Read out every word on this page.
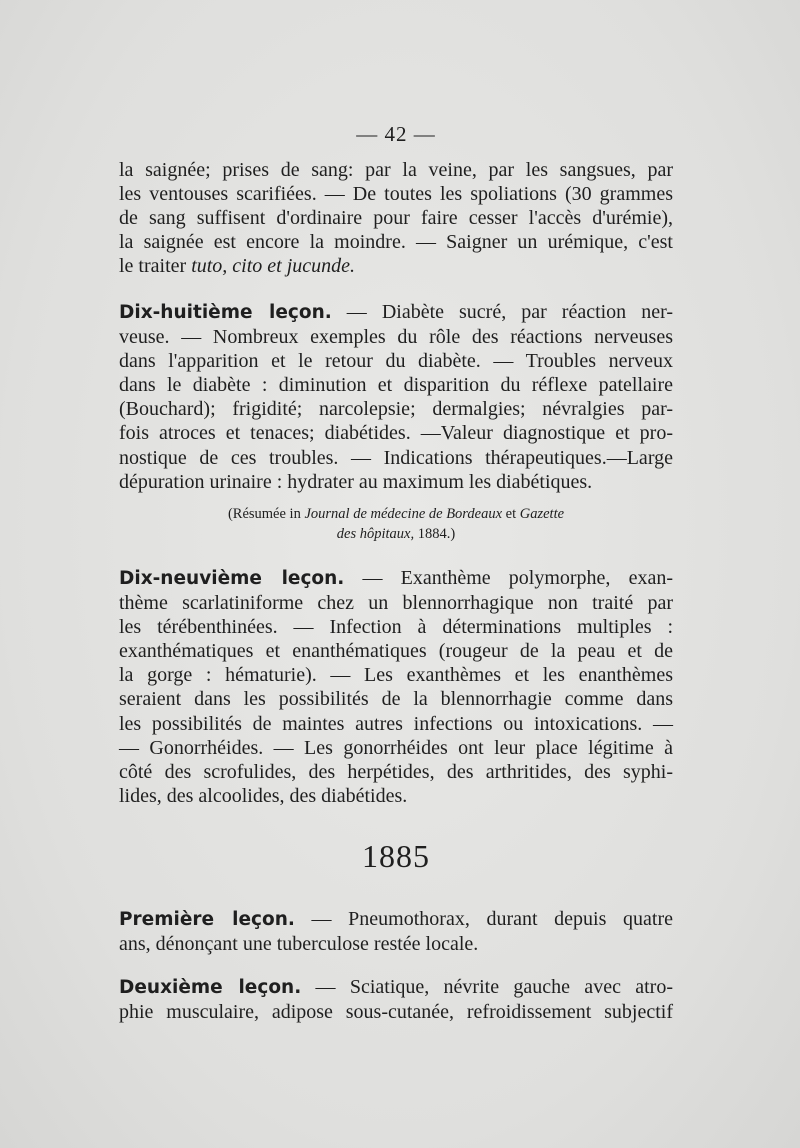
— 42 —
la saignée; prises de sang: par la veine, par les sangsues, par
les ventouses scarifiées. — De toutes les spoliations (30 grammes
de sang suffisent d'ordinaire pour faire cesser l'accès d'urémie),
la saignée est encore la moindre. — Saigner un urémique, c'est
le traiter tuto, cito et jucunde.
Dix-huitième leçon. — Diabète sucré, par réaction ner-
veuse. — Nombreux exemples du rôle des réactions nerveuses
dans l'apparition et le retour du diabète. — Troubles nerveux
dans le diabète : diminution et disparition du réflexe patellaire
(Bouchard); frigidité; narcolepsie; dermalgies; névralgies par-
fois atroces et tenaces; diabétides. —Valeur diagnostique et pro-
nostique de ces troubles. — Indications thérapeutiques.—Large
dépuration urinaire : hydrater au maximum les diabétiques.
(Résumée in Journal de médecine de Bordeaux et Gazette
des hôpitaux, 1884.)
Dix-neuvième leçon. — Exanthème polymorphe, exan-
thème scarlatiniforme chez un blennorrhagique non traité par
les térébenthinées. — Infection à déterminations multiples :
exanthématiques et enanthématiques (rougeur de la peau et de
la gorge : hématurie). — Les exanthèmes et les enanthèmes
seraient dans les possibilités de la blennorrhagie comme dans
les possibilités de maintes autres infections ou intoxications. —
— Gonorrhéides. — Les gonorrhéides ont leur place légitime à
côté des scrofulides, des herpétides, des arthritides, des syphi-
lides, des alcoolides, des diabétides.
1885
Première leçon. — Pneumothorax, durant depuis quatre
ans, dénonçant une tuberculose restée locale.
Deuxième leçon. — Sciatique, névrite gauche avec atro-
phie musculaire, adipose sous-cutanée, refroidissement subjectif
